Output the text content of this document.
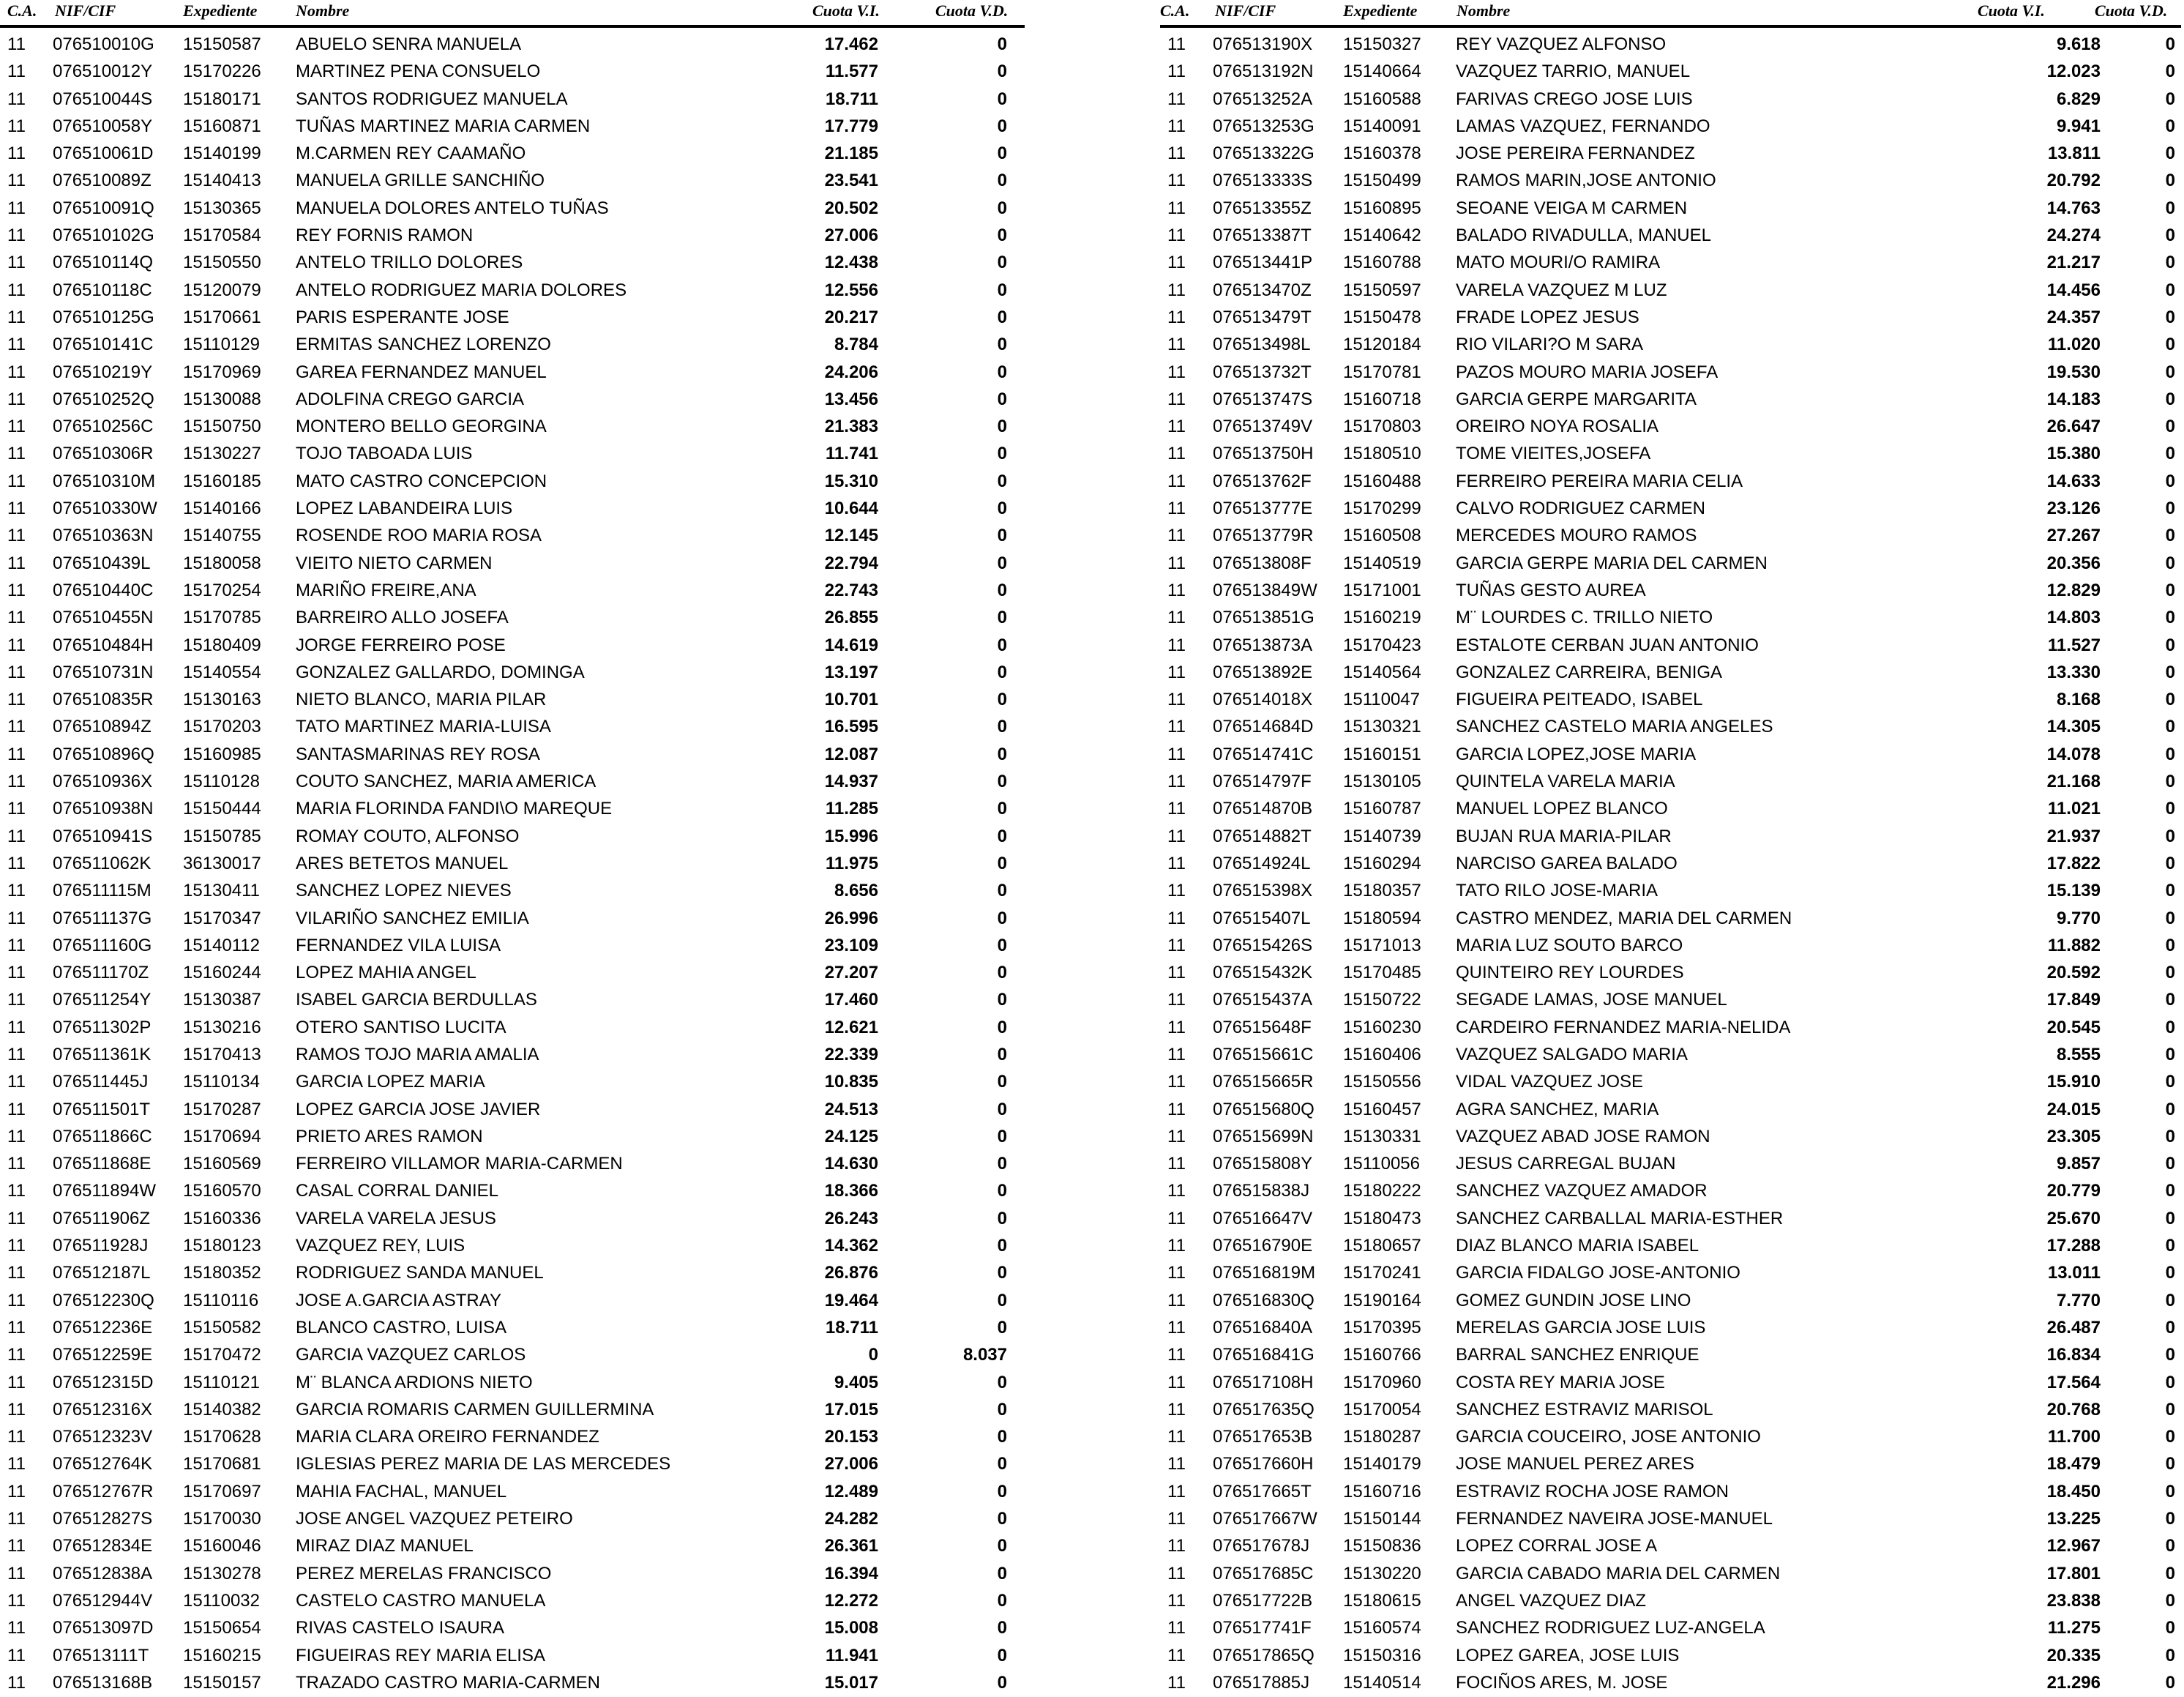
C.A. NIF/CIF	Expediente Nombre	Cuota V.I.	Cuota V.D.
11 076510010G 15150587 ABUELO SENRA MANUELA	17.462	0
11 076510012Y 15170226 MARTINEZ PENA CONSUELO	11.577	0
11 076510044S 15180171 SANTOS RODRIGUEZ MANUELA	18.711	0
11 076510058Y 15160871 TUÑAS MARTINEZ MARIA CARMEN	17.779	0
11 076510061D 15140199 M.CARMEN REY CAAMAÑO	21.185	0
11 076510089Z 15140413 MANUELA GRILLE SANCHIÑO	23.541	0
11 076510091Q 15130365 MANUELA DOLORES ANTELO TUÑAS	20.502	0
11 076510102G 15170584 REY FORNIS RAMON	27.006	0
11 076510114Q 15150550 ANTELO TRILLO DOLORES	12.438	0
11 076510118C 15120079 ANTELO RODRIGUEZ MARIA DOLORES	12.556	0
11 076510125G 15170661 PARIS ESPERANTE JOSE	20.217	0
11 076510141C 15110129 ERMITAS SANCHEZ LORENZO	8.784	0
11 076510219Y 15170969 GAREA FERNANDEZ MANUEL	24.206	0
11 076510252Q 15130088 ADOLFINA CREGO GARCIA	13.456	0
11 076510256C 15150750 MONTERO BELLO GEORGINA	21.383	0
11 076510306R 15130227 TOJO TABOADA LUIS	11.741	0
11 076510310M 15160185 MATO CASTRO CONCEPCION	15.310	0
11 076510330W 15140166 LOPEZ LABANDEIRA LUIS	10.644	0
11 076510363N 15140755 ROSENDE ROO MARIA ROSA	12.145	0
11 076510439L 15180058 VIEITO NIETO CARMEN	22.794	0
11 076510440C 15170254 MARIÑO FREIRE,ANA	22.743	0
11 076510455N 15170785 BARREIRO ALLO JOSEFA	26.855	0
11 076510484H 15180409 JORGE FERREIRO POSE	14.619	0
11 076510731N 15140554 GONZALEZ GALLARDO, DOMINGA	13.197	0
11 076510835R 15130163 NIETO BLANCO, MARIA PILAR	10.701	0
11 076510894Z 15170203 TATO MARTINEZ MARIA-LUISA	16.595	0
11 076510896Q 15160985 SANTASMARINAS REY ROSA	12.087	0
11 076510936X 15110128 COUTO SANCHEZ, MARIA AMERICA	14.937	0
11 076510938N 15150444 MARIA FLORINDA FANDI\O MAREQUE	11.285	0
11 076510941S 15150785 ROMAY COUTO, ALFONSO	15.996	0
11 076511062K 36130017 ARES BETETOS MANUEL	11.975	0
11 076511115M 15130411 SANCHEZ LOPEZ NIEVES	8.656	0
11 076511137G 15170347 VILARIÑO SANCHEZ EMILIA	26.996	0
11 076511160G 15140112 FERNANDEZ VILA LUISA	23.109	0
11 076511170Z 15160244 LOPEZ MAHIA ANGEL	27.207	0
11 076511254Y 15130387 ISABEL GARCIA BERDULLAS	17.460	0
11 076511302P 15130216 OTERO SANTISO LUCITA	12.621	0
11 076511361K 15170413 RAMOS TOJO MARIA AMALIA	22.339	0
11 076511445J 15110134 GARCIA LOPEZ MARIA	10.835	0
11 076511501T 15170287 LOPEZ GARCIA JOSE JAVIER	24.513	0
11 076511866C 15170694 PRIETO ARES RAMON	24.125	0
11 076511868E 15160569 FERREIRO VILLAMOR MARIA-CARMEN	14.630	0
11 076511894W 15160570 CASAL CORRAL DANIEL	18.366	0
11 076511906Z 15160336 VARELA VARELA JESUS	26.243	0
11 076511928J 15180123 VAZQUEZ REY, LUIS	14.362	0
11 076512187L 15180352 RODRIGUEZ SANDA MANUEL	26.876	0
11 076512230Q 15110116 JOSE A.GARCIA ASTRAY	19.464	0
11 076512236E 15150582 BLANCO CASTRO, LUISA	18.711	0
11 076512259E 15170472 GARCIA VAZQUEZ CARLOS	0	8.037
11 076512315D 15110121 M¨ BLANCA ARDIONS NIETO	9.405	0
11 076512316X 15140382 GARCIA ROMARIS CARMEN GUILLERMINA	17.015	0
11 076512323V 15170628 MARIA CLARA OREIRO FERNANDEZ	20.153	0
11 076512764K 15170681 IGLESIAS PEREZ MARIA DE LAS MERCEDES	27.006	0
11 076512767R 15170697 MAHIA FACHAL, MANUEL	12.489	0
11 076512827S 15170030 JOSE ANGEL VAZQUEZ PETEIRO	24.282	0
11 076512834E 15160046 MIRAZ DIAZ MANUEL	26.361	0
11 076512838A 15130278 PEREZ MERELAS FRANCISCO	16.394	0
11 076512944V 15110032 CASTELO CASTRO MANUELA	12.272	0
11 076513097D 15150654 RIVAS CASTELO ISAURA	15.008	0
11 076513111T 15160215 FIGUEIRAS REY MARIA ELISA	11.941	0
11 076513168B 15150157 TRAZADO CASTRO MARIA-CARMEN	15.017	0
C.A. NIF/CIF	Expediente Nombre	Cuota V.I.	Cuota V.D.
11 076513190X 15150327 REY VAZQUEZ ALFONSO	9.618	0
11 076513192N 15140664 VAZQUEZ TARRIO, MANUEL	12.023	0
11 076513252A 15160588 FARIVAS CREGO JOSE LUIS	6.829	0
11 076513253G 15140091 LAMAS VAZQUEZ, FERNANDO	9.941	0
11 076513322G 15160378 JOSE PEREIRA FERNANDEZ	13.811	0
11 076513333S 15150499 RAMOS MARIN,JOSE ANTONIO	20.792	0
11 076513355Z 15160895 SEOANE VEIGA M CARMEN	14.763	0
11 076513387T 15140642 BALADO RIVADULLA, MANUEL	24.274	0
11 076513441P 15160788 MATO MOURI/O RAMIRA	21.217	0
11 076513470Z 15150597 VARELA VAZQUEZ M LUZ	14.456	0
11 076513479T 15150478 FRADE LOPEZ JESUS	24.357	0
11 076513498L 15120184 RIO VILARI?O M SARA	11.020	0
11 076513732T 15170781 PAZOS MOURO MARIA JOSEFA	19.530	0
11 076513747S 15160718 GARCIA GERPE MARGARITA	14.183	0
11 076513749V 15170803 OREIRO NOYA ROSALIA	26.647	0
11 076513750H 15180510 TOME VIEITES,JOSEFA	15.380	0
11 076513762F 15160488 FERREIRO PEREIRA MARIA CELIA	14.633	0
11 076513777E 15170299 CALVO RODRIGUEZ CARMEN	23.126	0
11 076513779R 15160508 MERCEDES MOURO RAMOS	27.267	0
11 076513808F 15140519 GARCIA GERPE MARIA DEL CARMEN	20.356	0
11 076513849W 15171001 TUÑAS GESTO AUREA	12.829	0
11 076513851G 15160219 M¨ LOURDES C. TRILLO NIETO	14.803	0
11 076513873A 15170423 ESTALOTE CERBAN JUAN ANTONIO	11.527	0
11 076513892E 15140564 GONZALEZ CARREIRA, BENIGA	13.330	0
11 076514018X 15110047 FIGUEIRA PEITEADO, ISABEL	8.168	0
11 076514684D 15130321 SANCHEZ CASTELO MARIA ANGELES	14.305	0
11 076514741C 15160151 GARCIA LOPEZ,JOSE MARIA	14.078	0
11 076514797F 15130105 QUINTELA VARELA MARIA	21.168	0
11 076514870B 15160787 MANUEL LOPEZ BLANCO	11.021	0
11 076514882T 15140739 BUJAN RUA MARIA-PILAR	21.937	0
11 076514924L 15160294 NARCISO GAREA BALADO	17.822	0
11 076515398X 15180357 TATO RILO JOSE-MARIA	15.139	0
11 076515407L 15180594 CASTRO MENDEZ, MARIA DEL CARMEN	9.770	0
11 076515426S 15171013 MARIA LUZ SOUTO BARCO	11.882	0
11 076515432K 15170485 QUINTEIRO REY LOURDES	20.592	0
11 076515437A 15150722 SEGADE LAMAS, JOSE MANUEL	17.849	0
11 076515648F 15160230 CARDEIRO FERNANDEZ MARIA-NELIDA	20.545	0
11 076515661C 15160406 VAZQUEZ SALGADO MARIA	8.555	0
11 076515665R 15150556 VIDAL VAZQUEZ JOSE	15.910	0
11 076515680Q 15160457 AGRA SANCHEZ, MARIA	24.015	0
11 076515699N 15130331 VAZQUEZ ABAD JOSE RAMON	23.305	0
11 076515808Y 15110056 JESUS CARREGAL BUJAN	9.857	0
11 076515838J 15180222 SANCHEZ VAZQUEZ AMADOR	20.779	0
11 076516647V 15180473 SANCHEZ CARBALLAL MARIA-ESTHER	25.670	0
11 076516790E 15180657 DIAZ BLANCO MARIA ISABEL	17.288	0
11 076516819M 15170241 GARCIA FIDALGO JOSE-ANTONIO	13.011	0
11 076516830Q 15190164 GOMEZ GUNDIN JOSE LINO	7.770	0
11 076516840A 15170395 MERELAS GARCIA JOSE LUIS	26.487	0
11 076516841G 15160766 BARRAL SANCHEZ ENRIQUE	16.834	0
11 076517108H 15170960 COSTA REY MARIA JOSE	17.564	0
11 076517635Q 15170054 SANCHEZ ESTRAVIZ MARISOL	20.768	0
11 076517653B 15180287 GARCIA COUCEIRO, JOSE ANTONIO	11.700	0
11 076517660H 15140179 JOSE MANUEL PEREZ ARES	18.479	0
11 076517665T 15160716 ESTRAVIZ ROCHA JOSE RAMON	18.450	0
11 076517667W 15150144 FERNANDEZ NAVEIRA JOSE-MANUEL	13.225	0
11 076517678J 15150836 LOPEZ CORRAL JOSE A	12.967	0
11 076517685C 15130220 GARCIA CABADO MARIA DEL CARMEN	17.801	0
11 076517722B 15180615 ANGEL VAZQUEZ DIAZ	23.838	0
11 076517741F 15160574 SANCHEZ RODRIGUEZ LUZ-ANGELA	11.275	0
11 076517865Q 15150316 LOPEZ GAREA, JOSE LUIS	20.335	0
11 076517885J 15140514 FOCIÑOS ARES, M. JOSE	21.296	0
